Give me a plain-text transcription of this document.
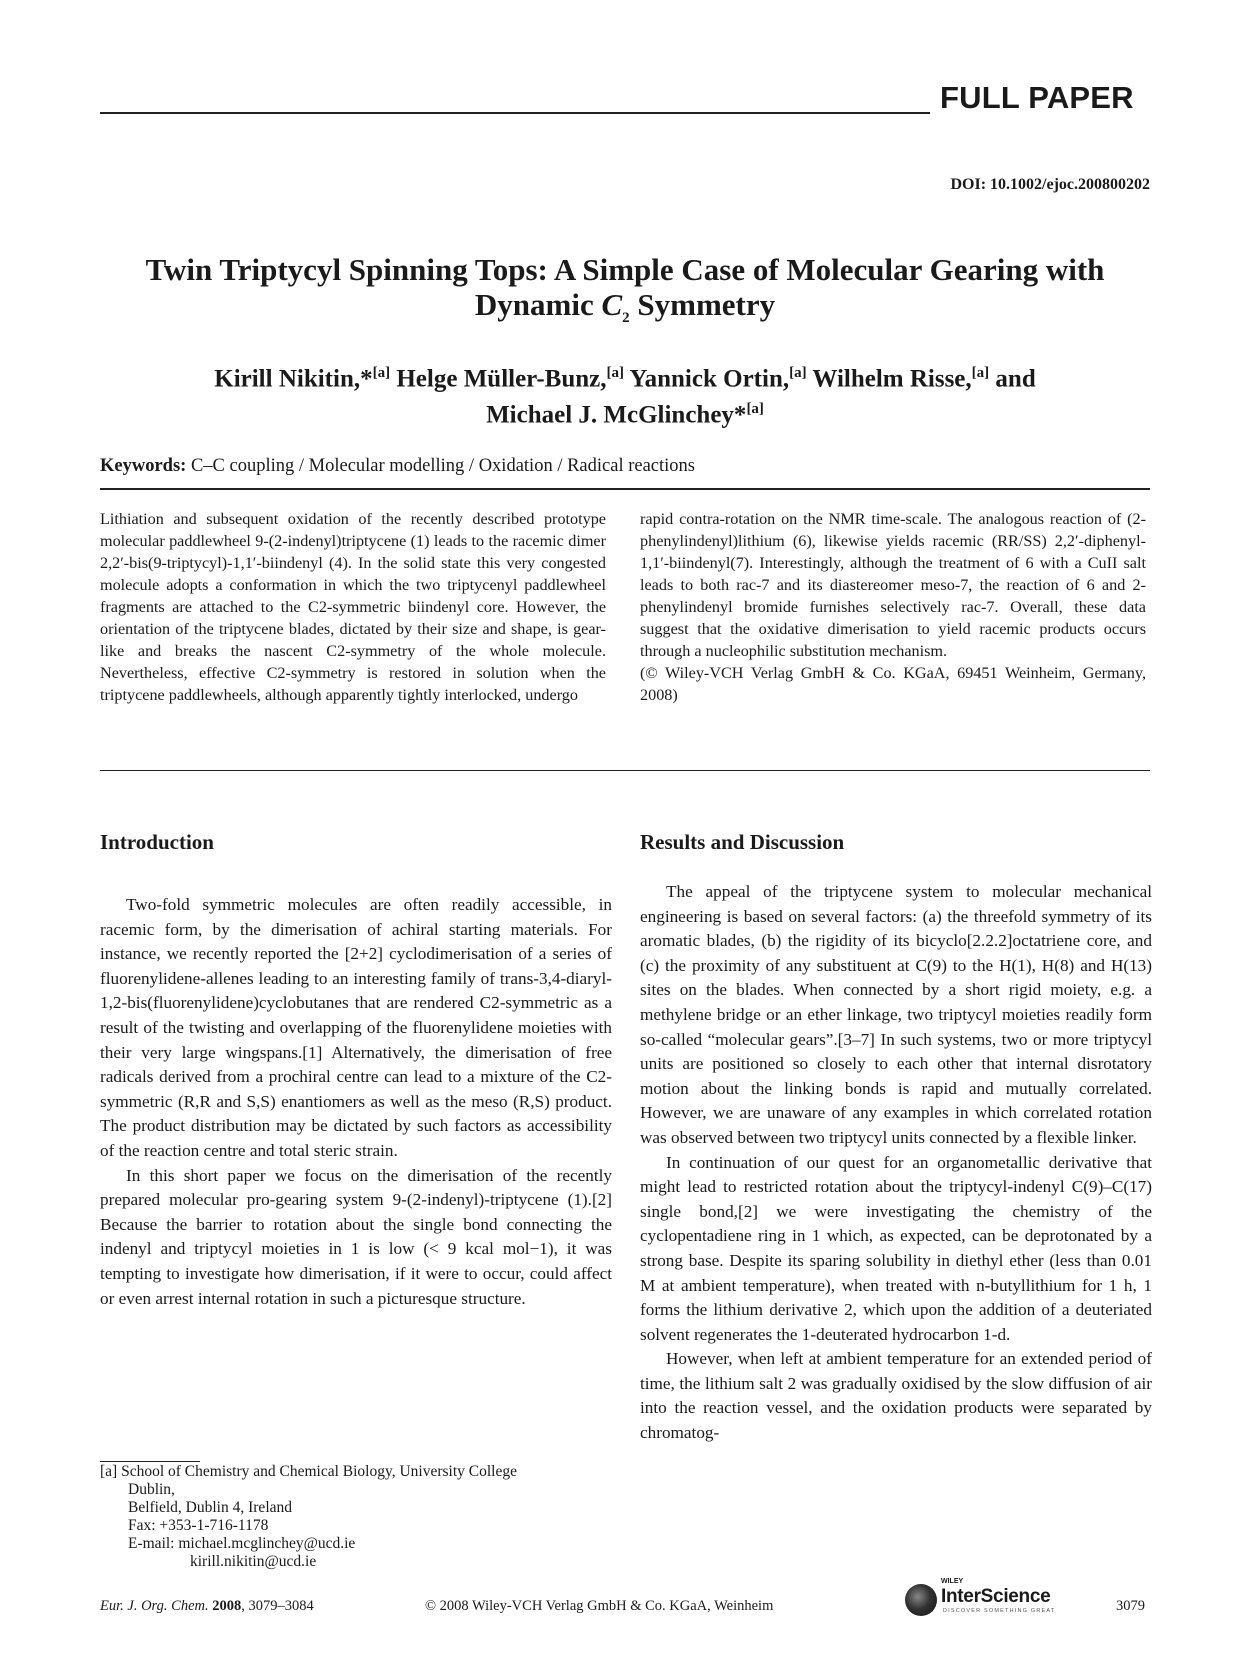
FULL PAPER
DOI: 10.1002/ejoc.200800202
Twin Triptycyl Spinning Tops: A Simple Case of Molecular Gearing with
Dynamic $C_2$ Symmetry
Kirill Nikitin,*[a] Helge Müller-Bunz,[a] Yannick Ortin,[a] Wilhelm Risse,[a] and
Michael J. McGlinchey*[a]
Keywords: C–C coupling / Molecular modelling / Oxidation / Radical reactions

Lithiation and subsequent oxidation of the recently described prototype molecular paddlewheel 9-(2-indenyl)triptycene (1) leads to the racemic dimer 2,2′-bis(9-triptycyl)-1,1′-biindenyl (4). In the solid state this very congested molecule adopts a conformation in which the two triptycenyl paddlewheel fragments are attached to the C2-symmetric biindenyl core. However, the orientation of the triptycene blades, dictated by their size and shape, is gear-like and breaks the nascent C2-symmetry of the whole molecule. Nevertheless, effective C2-symmetry is restored in solution when the triptycene paddlewheels, although apparently tightly interlocked, undergo

rapid contra-rotation on the NMR time-scale. The analogous reaction of (2-phenylindenyl)lithium (6), likewise yields racemic (RR/SS) 2,2′-diphenyl-1,1′-biindenyl(7). Interestingly, although the treatment of 6 with a CuII salt leads to both rac-7 and its diastereomer meso-7, the reaction of 6 and 2-phenylindenyl bromide furnishes selectively rac-7. Overall, these data suggest that the oxidative dimerisation to yield racemic products occurs through a nucleophilic substitution mechanism.

(© Wiley-VCH Verlag GmbH & Co. KGaA, 69451 Weinheim, Germany, 2008)

Introduction	Results and Discussion

Two-fold symmetric molecules are often readily accessible, in racemic form, by the dimerisation of achiral starting materials. For instance, we recently reported the [2+2] cyclodimerisation of a series of fluorenylidene-allenes leading to an interesting family of trans-3,4-diaryl-1,2-bis(fluorenylidene)cyclobutanes that are rendered C2-symmetric as a result of the twisting and overlapping of the fluorenylidene moieties with their very large wingspans.[1] Alternatively, the dimerisation of free radicals derived from a prochiral centre can lead to a mixture of the C2-symmetric (R,R and S,S) enantiomers as well as the meso (R,S) product. The product distribution may be dictated by such factors as accessibility of the reaction centre and total steric strain.

In this short paper we focus on the dimerisation of the recently prepared molecular pro-gearing system 9-(2-indenyl)-triptycene (1).[2] Because the barrier to rotation about the single bond connecting the indenyl and triptycyl moieties in 1 is low (< 9 kcal mol−1), it was tempting to investigate how dimerisation, if it were to occur, could affect or even arrest internal rotation in such a picturesque structure.

The appeal of the triptycene system to molecular mechanical engineering is based on several factors: (a) the threefold symmetry of its aromatic blades, (b) the rigidity of its bicyclo[2.2.2]octatriene core, and (c) the proximity of any substituent at C(9) to the H(1), H(8) and H(13) sites on the blades. When connected by a short rigid moiety, e.g. a methylene bridge or an ether linkage, two triptycyl moieties readily form so-called “molecular gears”.[3–7] In such systems, two or more triptycyl units are positioned so closely to each other that internal disrotatory motion about the linking bonds is rapid and mutually correlated. However, we are unaware of any examples in which correlated rotation was observed between two triptycyl units connected by a flexible linker.

In continuation of our quest for an organometallic derivative that might lead to restricted rotation about the triptycyl-indenyl C(9)–C(17) single bond,[2] we were investigating the chemistry of the cyclopentadiene ring in 1 which, as expected, can be deprotonated by a strong base. Despite its sparing solubility in diethyl ether (less than 0.01 M at ambient temperature), when treated with n-butyllithium for 1 h, 1 forms the lithium derivative 2, which upon the addition of a deuteriated solvent regenerates the 1-deuterated hydrocarbon 1-d.

However, when left at ambient temperature for an extended period of time, the lithium salt 2 was gradually oxidised by the slow diffusion of air into the reaction vessel, and the oxidation products were separated by chromatog-

[a] School of Chemistry and Chemical Biology, University College
Dublin,
Belfield, Dublin 4, Ireland
Fax: +353-1-716-1178
E-mail: michael.mcglinchey@ucd.ie
kirill.nikitin@ucd.ie
Eur. J. Org. Chem. 2008, 3079–3084	© 2008 Wiley-VCH Verlag GmbH & Co. KGaA, Weinheim
WILEY
InterScience
DISCOVER SOMETHING GREAT	3079
